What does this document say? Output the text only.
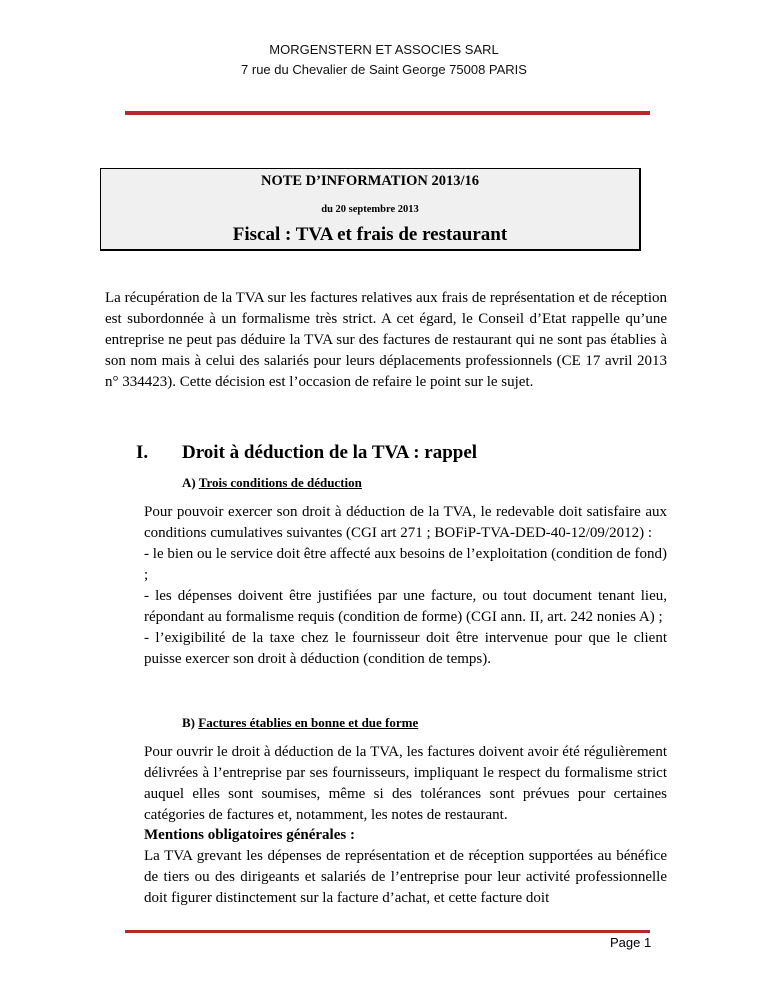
MORGENSTERN ET ASSOCIES SARL
7 rue du Chevalier de Saint George 75008 PARIS
NOTE D’INFORMATION 2013/16
du 20 septembre 2013
Fiscal : TVA et frais de restaurant

La récupération de la TVA sur les factures relatives aux frais de représentation et de réception est subordonnée à un formalisme très strict. A cet égard, le Conseil d’Etat rappelle qu’une entreprise ne peut pas déduire la TVA sur des factures de restaurant qui ne sont pas établies à son nom mais à celui des salariés pour leurs déplacements professionnels (CE 17 avril 2013 n° 334423). Cette décision est l’occasion de refaire le point sur le sujet.

I. Droit à déduction de la TVA : rappel
A) Trois conditions de déduction
Pour pouvoir exercer son droit à déduction de la TVA, le redevable doit satisfaire aux conditions cumulatives suivantes (CGI art 271 ; BOFiP-TVA-DED-40-12/09/2012) :
- le bien ou le service doit être affecté aux besoins de l’exploitation (condition de fond) ;
- les dépenses doivent être justifiées par une facture, ou tout document tenant lieu, répondant au formalisme requis (condition de forme) (CGI ann. II, art. 242 nonies A) ;
- l’exigibilité de la taxe chez le fournisseur doit être intervenue pour que le client puisse exercer son droit à déduction (condition de temps).
B) Factures établies en bonne et due forme

Pour ouvrir le droit à déduction de la TVA, les factures doivent avoir été régulièrement délivrées à l’entreprise par ses fournisseurs, impliquant le respect du formalisme strict auquel elles sont soumises, même si des tolérances sont prévues pour certaines catégories de factures et, notamment, les notes de restaurant.

Mentions obligatoires générales :
La TVA grevant les dépenses de représentation et de réception supportées au bénéfice de tiers ou des dirigeants et salariés de l’entreprise pour leur activité professionnelle doit figurer distinctement sur la facture d’achat, et cette facture doit
Page 1
